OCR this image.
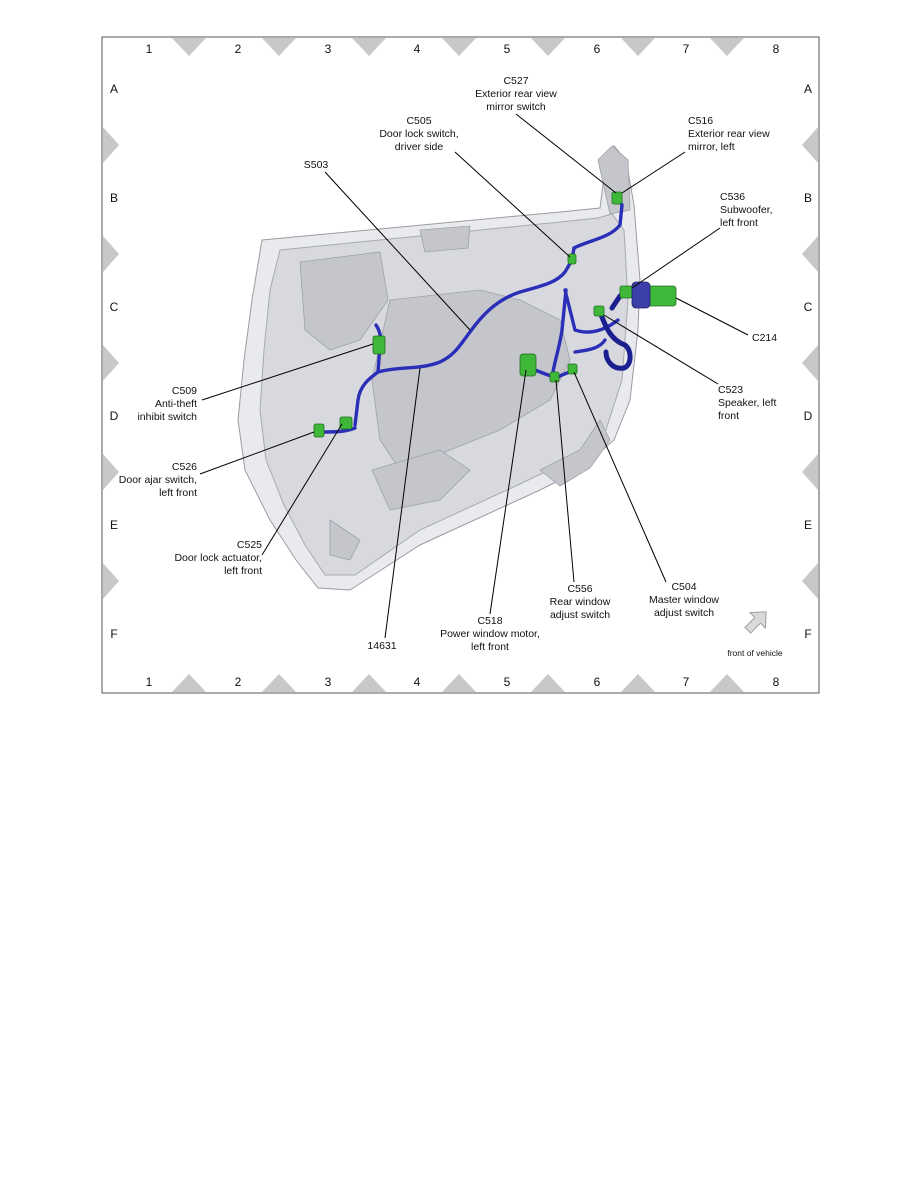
1	2	3	4	5	6	7	8
1	2	3	4	5	6	7	8
A
B
C
D
E
F
A
B
C
D
E
F
C527
Exterior rear view
mirror switch
C505
Door lock switch,
driver side
C516
Exterior rear view
mirror, left
S503
C536
Subwoofer,
left front
C214
C509
Anti-theft
inhibit switch
C523
Speaker, left
front
C526
Door ajar switch,
left front
C525
Door lock actuator,
left front
C556
Rear window
adjust switch
C504
Master window
adjust switch
C518
Power window motor,
left front
14631
front of vehicle
